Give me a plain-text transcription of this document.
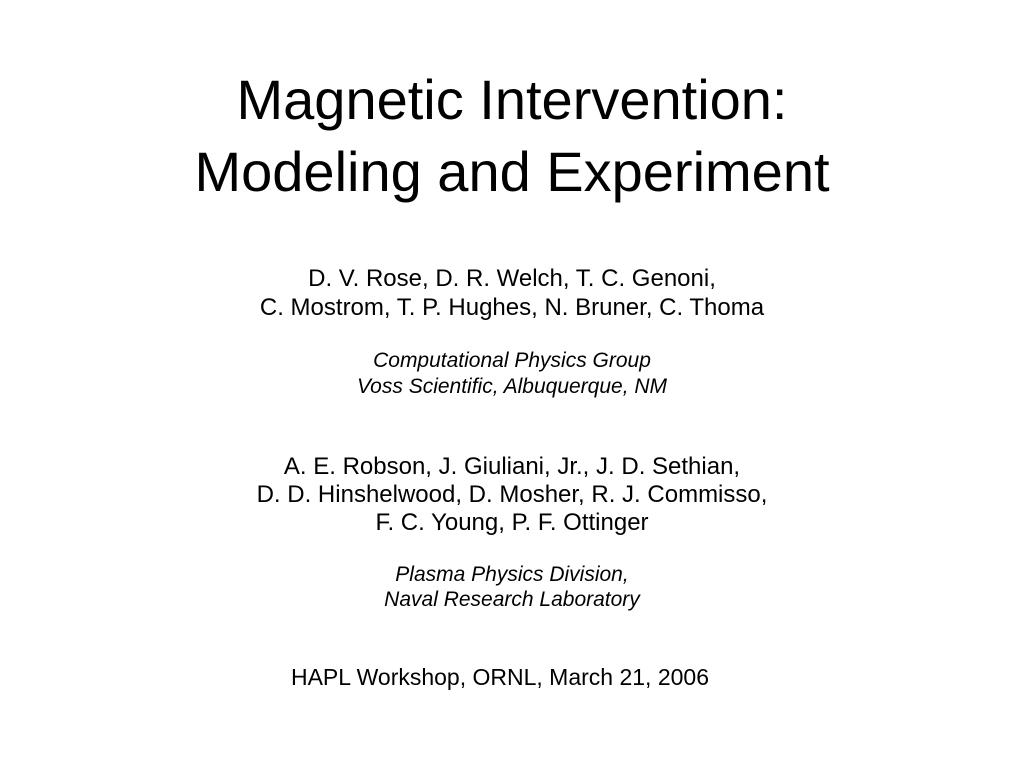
Magnetic Intervention:
Modeling and Experiment
D. V. Rose, D. R. Welch, T. C. Genoni,
C. Mostrom, T. P. Hughes, N. Bruner, C. Thoma
Computational Physics Group
Voss Scientific, Albuquerque, NM
A. E. Robson, J. Giuliani, Jr., J. D. Sethian,
D. D. Hinshelwood, D. Mosher, R. J. Commisso,
F. C. Young, P. F. Ottinger
Plasma Physics Division,
Naval Research Laboratory
HAPL Workshop, ORNL, March 21, 2006
